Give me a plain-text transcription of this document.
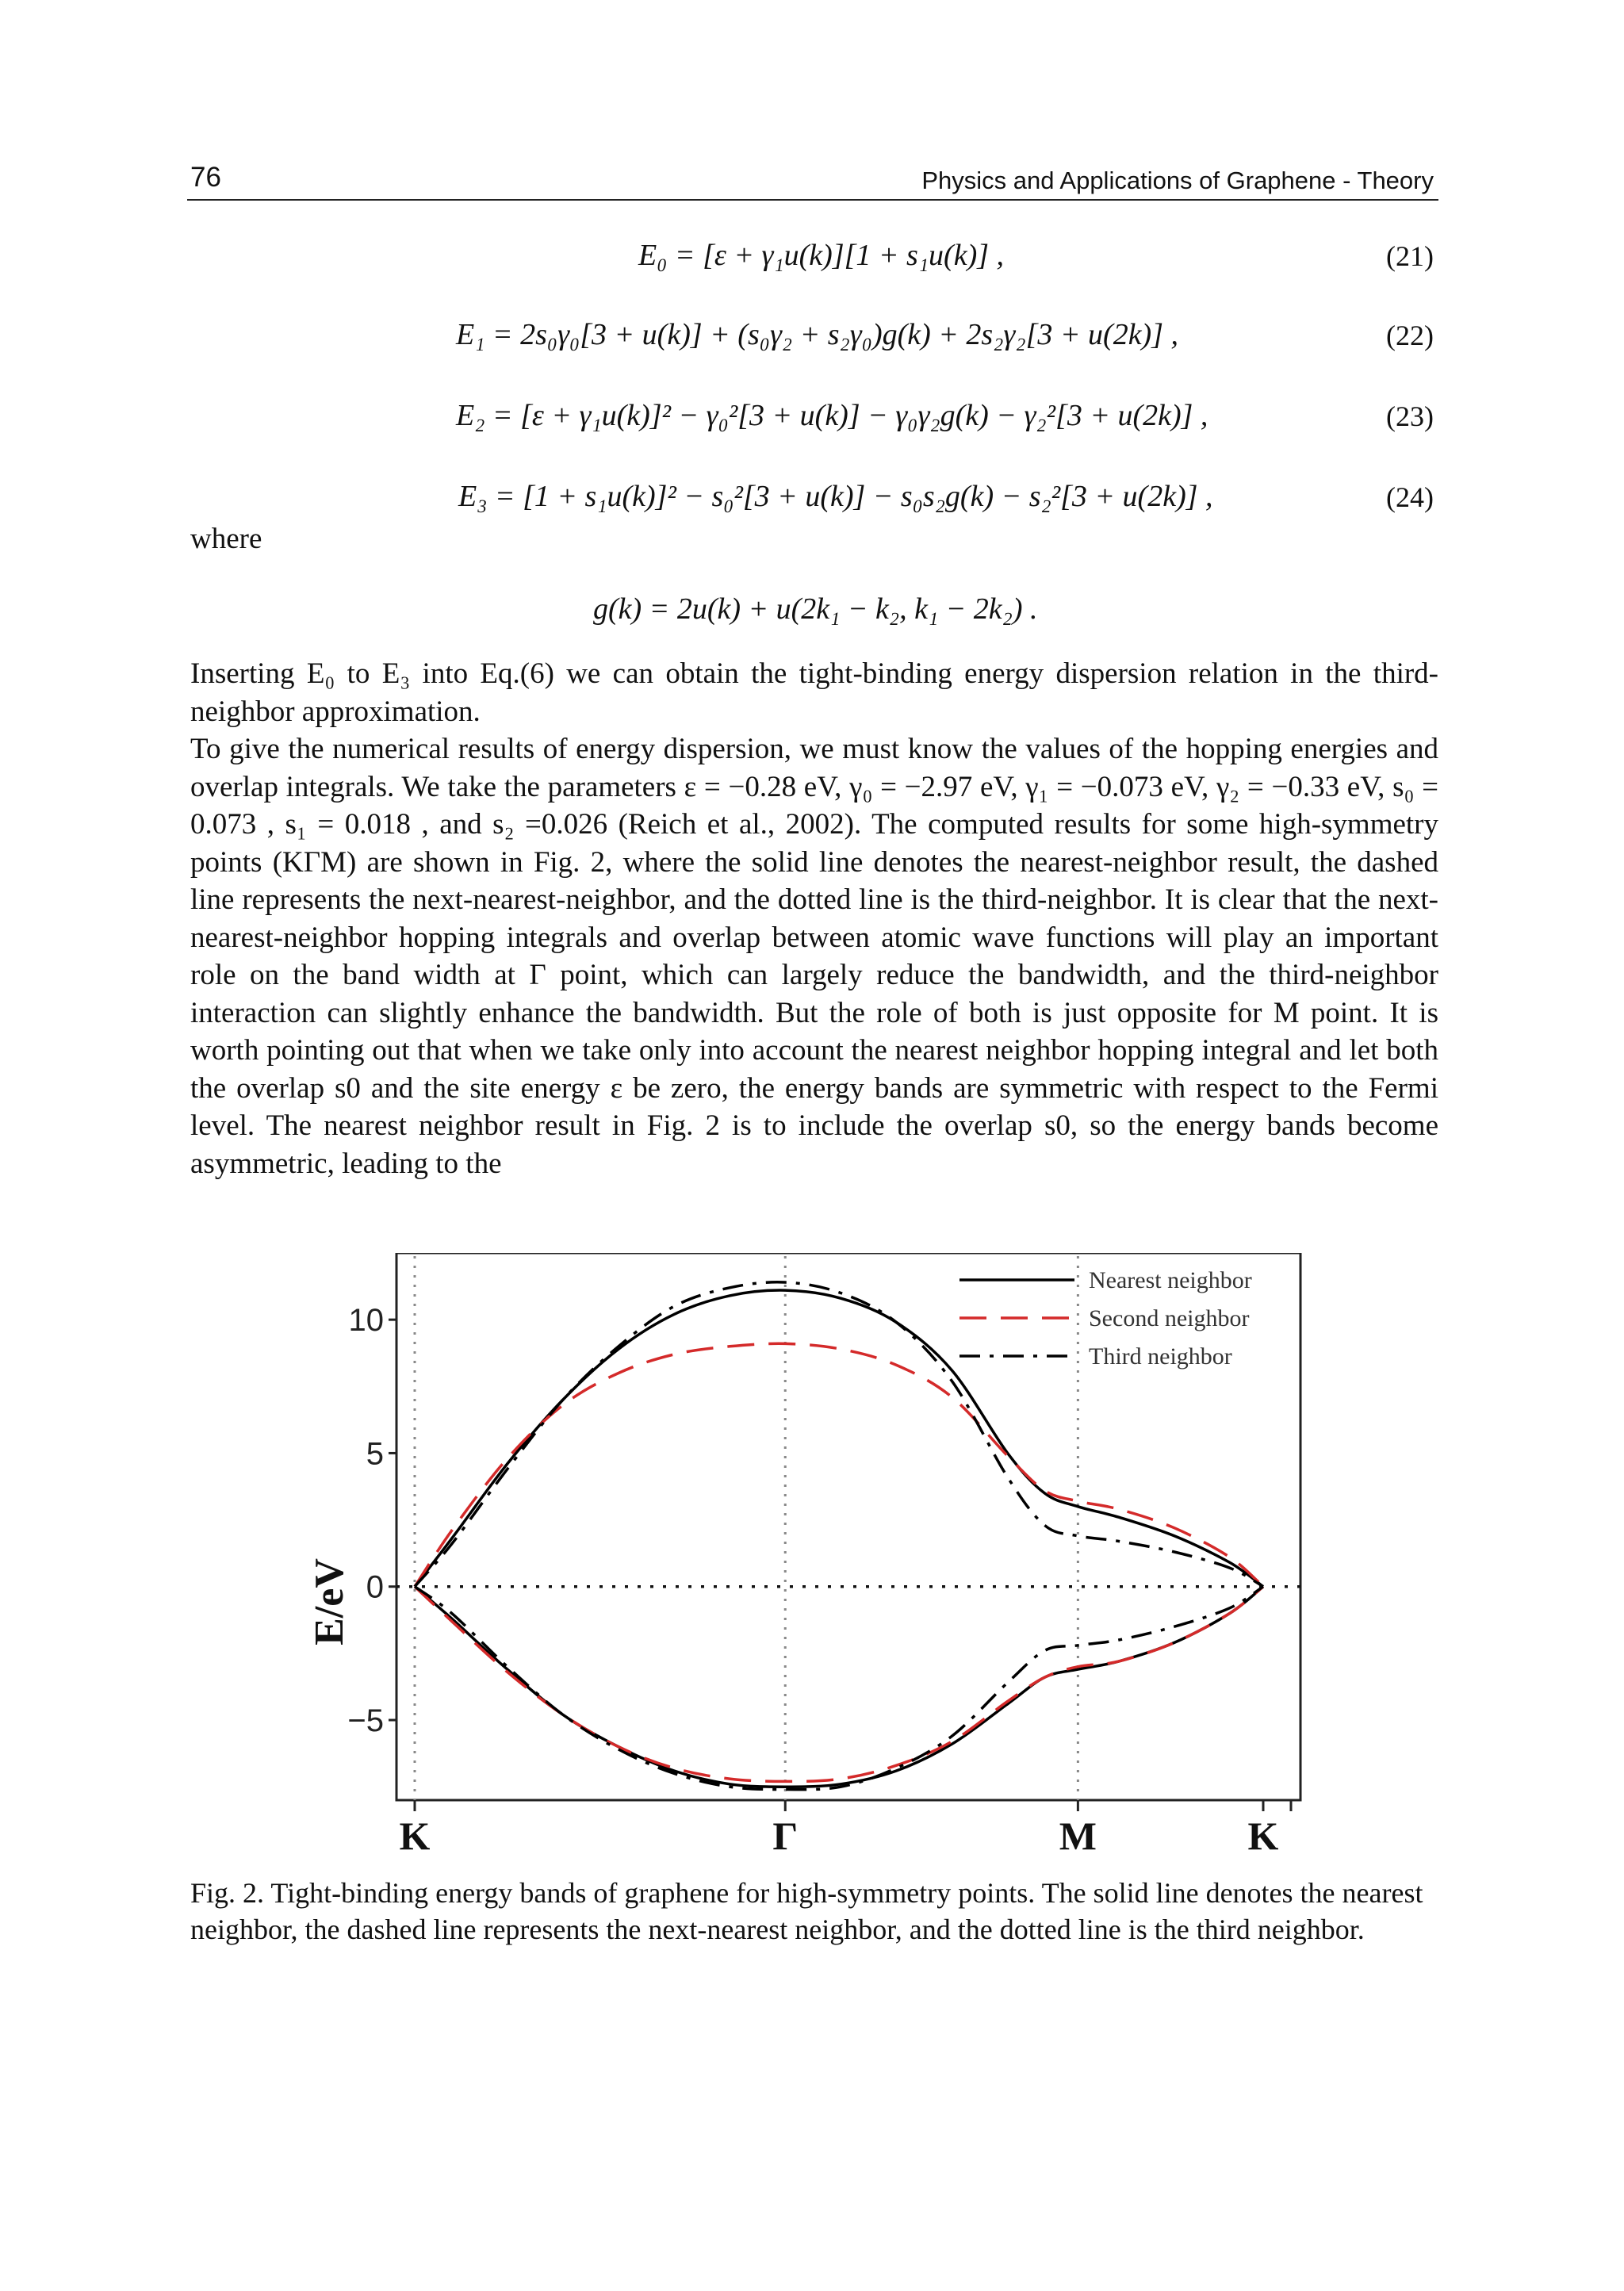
76	Physics and Applications of Graphene - Theory
E₀ = [ε + γ₁u(k)][1 + s₁u(k)] ,	(21)
E₁ = 2s₀γ₀[3 + u(k)] + (s₀γ₂ + s₂γ₀)g(k) + 2s₂γ₂[3 + u(2k)] ,	(22)
E₂ = [ε + γ₁u(k)]² − γ₀²[3 + u(k)] − γ₀γ₂g(k) − γ₂²[3 + u(2k)] ,	(23)
E₃ = [1 + s₁u(k)]² − s₀²[3 + u(k)] − s₀s₂g(k) − s₂²[3 + u(2k)] ,	(24)
where
g(k) = 2u(k) + u(2k₁ − k₂, k₁ − 2k₂) .
Inserting E₀ to E₃ into Eq.(6) we can obtain the tight-binding energy dispersion relation in the third-neighbor approximation.
To give the numerical results of energy dispersion, we must know the values of the hopping energies and overlap integrals. We take the parameters ε = −0.28 eV, γ₀ = −2.97 eV, γ₁ = −0.073 eV, γ₂ = −0.33 eV, s₀ = 0.073 , s₁ = 0.018 , and s₂ =0.026 (Reich et al., 2002). The computed results for some high-symmetry points (KΓM) are shown in Fig. 2, where the solid line denotes the nearest-neighbor result, the dashed line represents the next-nearest-neighbor, and the dotted line is the third-neighbor. It is clear that the next-nearest-neighbor hopping integrals and overlap between atomic wave functions will play an important role on the band width at Γ point, which can largely reduce the bandwidth, and the third-neighbor interaction can slightly enhance the bandwidth. But the role of both is just opposite for M point. It is worth pointing out that when we take only into account the nearest neighbor hopping integral and let both the overlap s0 and the site energy ε be zero, the energy bands are symmetric with respect to the Fermi level. The nearest neighbor result in Fig. 2 is to include the overlap s0, so the energy bands become asymmetric, leading to the
10
5
0
−5
K	Γ	M	K
E/eV
Nearest neighbor
Second neighbor
Third neighbor
Fig. 2. Tight-binding energy bands of graphene for high-symmetry points. The solid line denotes the nearest neighbor, the dashed line represents the next-nearest neighbor, and the dotted line is the third neighbor.
